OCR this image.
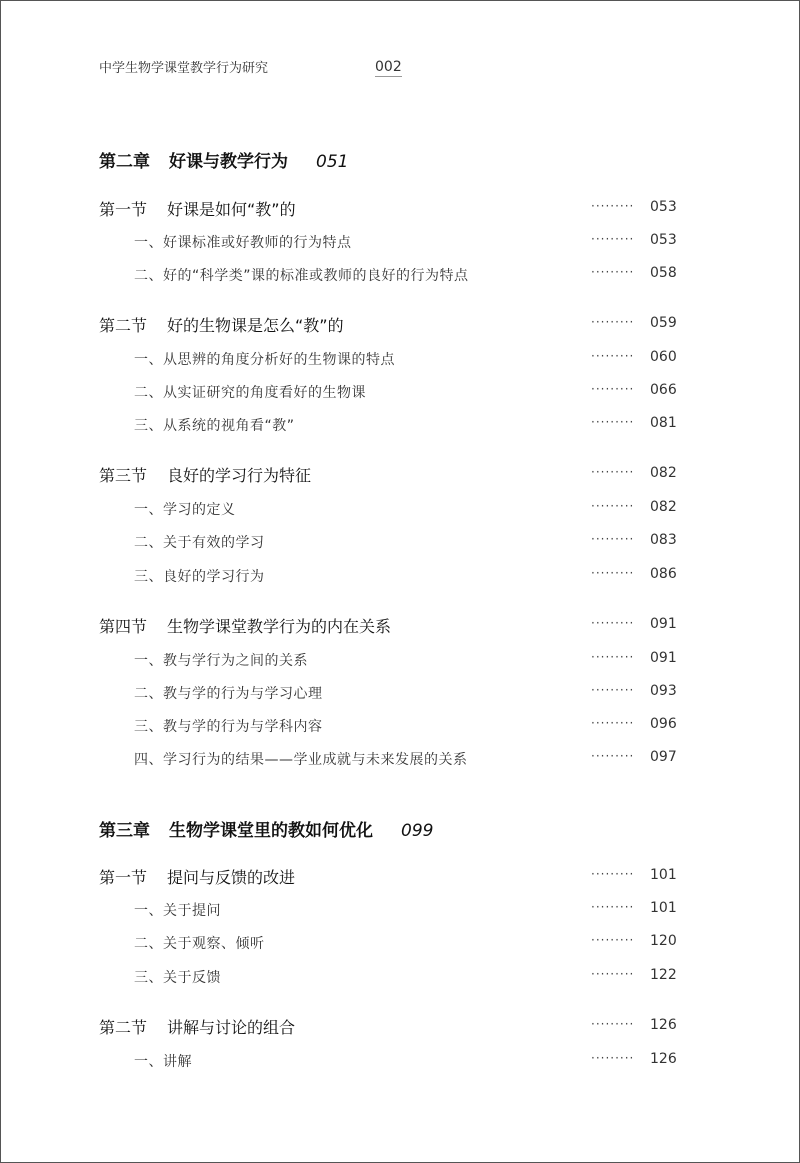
中学生物学课堂教学行为研究	002
第二章 好课与教学行为 051
第一节 好课是如何“教”的	········· 053
一、好课标准或好教师的行为特点	········· 053
二、好的“科学类”课的标准或教师的良好的行为特点	········· 058
第二节 好的生物课是怎么“教”的	········· 059
一、从思辨的角度分析好的生物课的特点	········· 060
二、从实证研究的角度看好的生物课	········· 066
三、从系统的视角看“教”	········· 081
第三节 良好的学习行为特征	········· 082
一、学习的定义	········· 082
二、关于有效的学习	········· 083
三、良好的学习行为	········· 086
第四节 生物学课堂教学行为的内在关系	········· 091
一、教与学行为之间的关系	········· 091
二、教与学的行为与学习心理	········· 093
三、教与学的行为与学科内容	········· 096
四、学习行为的结果——学业成就与未来发展的关系	········· 097
第三章 生物学课堂里的教如何优化 099
第一节 提问与反馈的改进	········· 101
一、关于提问	········· 101
二、关于观察、倾听	········· 120
三、关于反馈	········· 122
第二节 讲解与讨论的组合	········· 126
一、讲解	········· 126
